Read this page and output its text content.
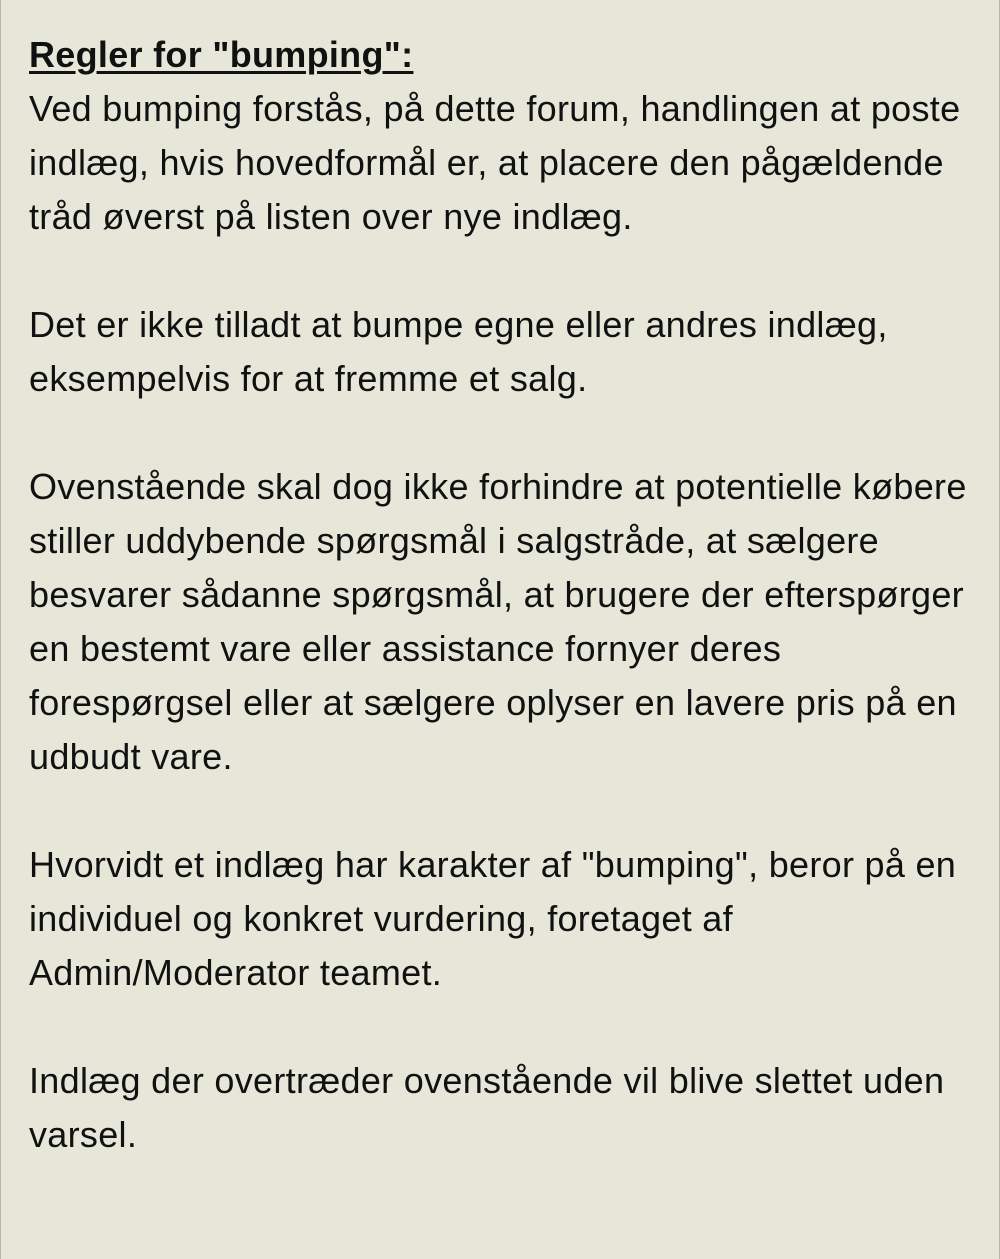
Regler for "bumping":

Ved bumping forstås, på dette forum, handlingen at poste indlæg, hvis hovedformål er, at placere den pågældende tråd øverst på listen over nye indlæg.

Det er ikke tilladt at bumpe egne eller andres indlæg, eksempelvis for at fremme et salg.

Ovenstående skal dog ikke forhindre at potentielle købere stiller uddybende spørgsmål i salgstråde, at sælgere besvarer sådanne spørgsmål, at brugere der efterspørger en bestemt vare eller assistance fornyer deres forespørgsel eller at sælgere oplyser en lavere pris på en udbudt vare.

Hvorvidt et indlæg har karakter af "bumping", beror på en individuel og konkret vurdering, foretaget af Admin/Moderator teamet.

Indlæg der overtræder ovenstående vil blive slettet uden varsel.
